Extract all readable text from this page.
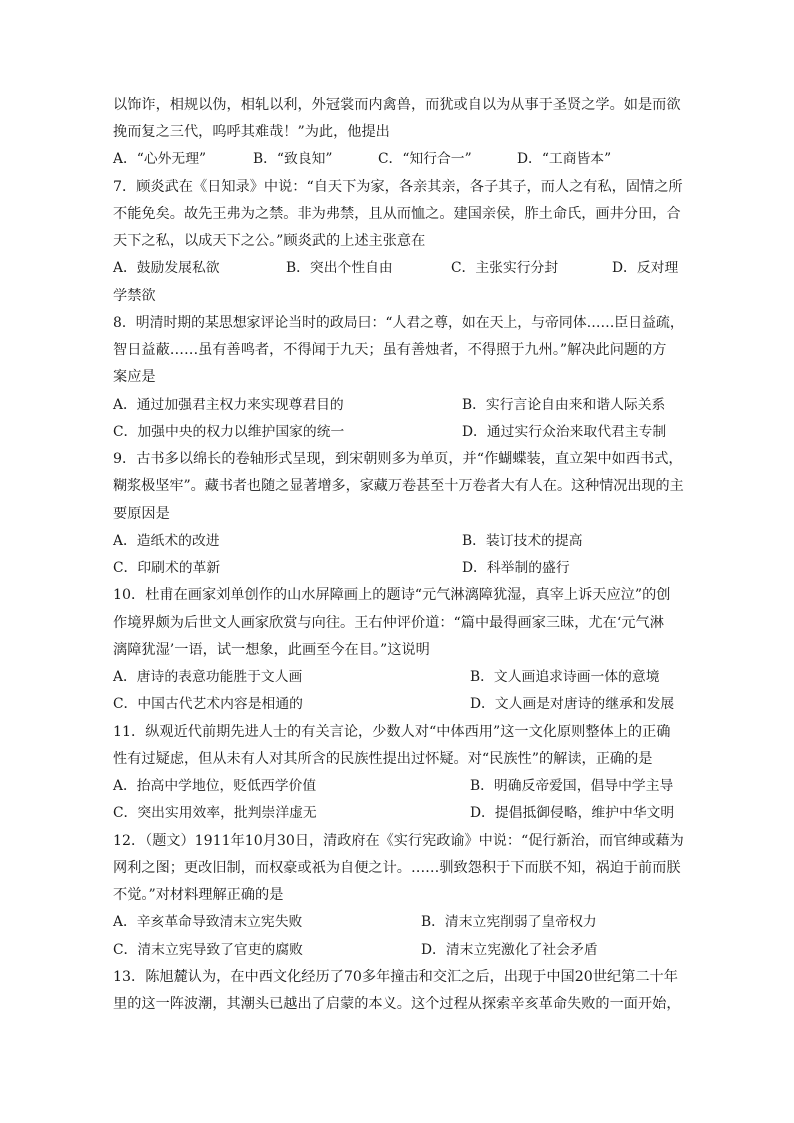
以饰诈，相规以伪，相轧以利，外冠裳而内禽兽，而犹或自以为从事于圣贤之学。如是而欲
挽而复之三代，呜呼其难哉！”为此，他提出
A．“心外无理”	B．“致良知”	C．“知行合一”	D．“工商皆本”
7．顾炎武在《日知录》中说：“自天下为家，各亲其亲，各子其子，而人之有私，固情之所
不能免矣。故先王弗为之禁。非为弗禁，且从而恤之。建国亲侯，胙土命氏，画井分田，合
天下之私，以成天下之公。”顾炎武的上述主张意在
A．鼓励发展私欲	B．突出个性自由	C．主张实行分封	D．反对理
学禁欲
8．明清时期的某思想家评论当时的政局曰：“人君之尊，如在天上，与帝同体……臣日益疏，
智日益蔽……虽有善鸣者，不得闻于九天；虽有善烛者，不得照于九州。”解决此问题的方
案应是
A．通过加强君主权力来实现尊君目的	B．实行言论自由来和谐人际关系
C．加强中央的权力以维护国家的统一	D．通过实行众治来取代君主专制
9．古书多以绵长的卷轴形式呈现，到宋朝则多为单页，并“作蝴蝶装，直立架中如西书式，
糊浆极坚牢”。藏书者也随之显著增多，家藏万卷甚至十万卷者大有人在。这种情况出现的主
要原因是
A．造纸术的改进	B．装订技术的提高
C．印刷术的革新	D．科举制的盛行
10．杜甫在画家刘单创作的山水屏障画上的题诗“元气淋漓障犹湿，真宰上诉天应泣”的创
作境界颇为后世文人画家欣赏与向往。王右仲评价道：“篇中最得画家三昧，尤在‘元气淋
漓障犹湿’一语，试一想象，此画至今在目。”这说明
A．唐诗的表意功能胜于文人画	B．文人画追求诗画一体的意境
C．中国古代艺术内容是相通的	D．文人画是对唐诗的继承和发展
11．纵观近代前期先进人士的有关言论，少数人对“中体西用”这一文化原则整体上的正确
性有过疑虑，但从未有人对其所含的民族性提出过怀疑。对“民族性”的解读，正确的是
A．抬高中学地位，贬低西学价值	B．明确反帝爱国，倡导中学主导
C．突出实用效率，批判崇洋虚无	D．提倡抵御侵略，维护中华文明
12．（题文）1911年10月30日，清政府在《实行宪政谕》中说：“促行新治，而官绅或藉为
网利之图；更改旧制，而权豪或祇为自便之计。……驯致怨积于下而朕不知，祸迫于前而朕
不觉。”对材料理解正确的是
A．辛亥革命导致清末立宪失败	B．清末立宪削弱了皇帝权力
C．清末立宪导致了官吏的腐败	D．清末立宪激化了社会矛盾
13．陈旭麓认为，在中西文化经历了70多年撞击和交汇之后，出现于中国20世纪第二十年
里的这一阵波潮，其潮头已越出了启蒙的本义。这个过程从探索辛亥革命失败的一面开始，
